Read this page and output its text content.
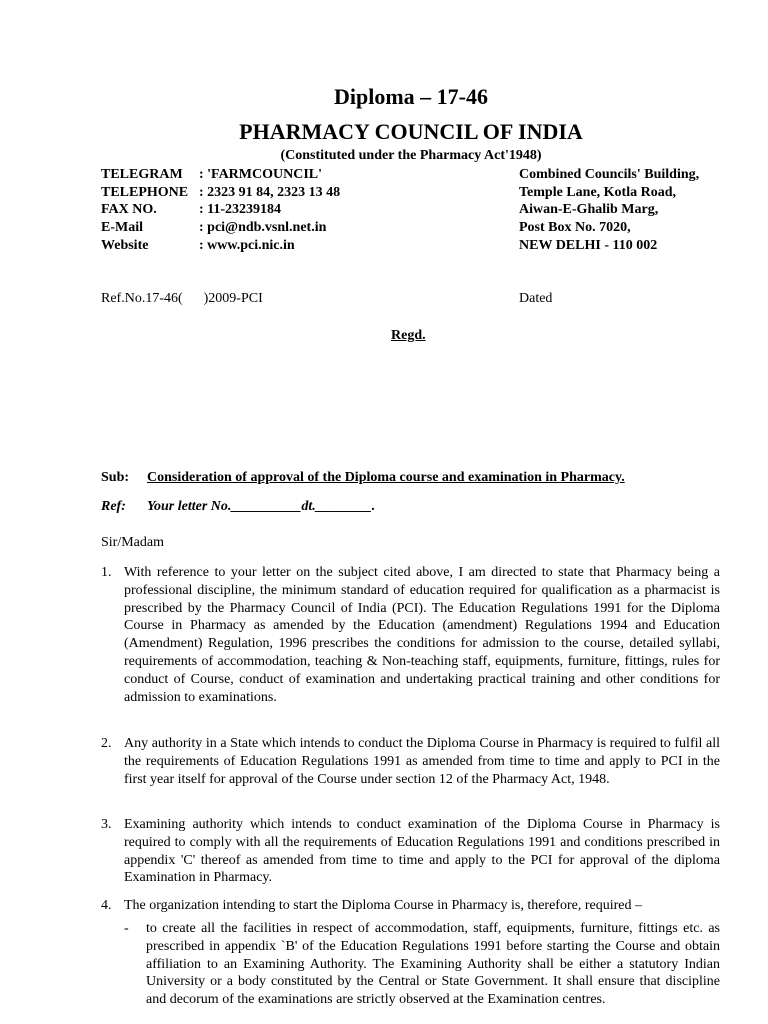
Diploma – 17-46
PHARMACY COUNCIL OF INDIA
(Constituted under the Pharmacy Act'1948)
TELEGRAM	: 'FARMCOUNCIL'
TELEPHONE : 2323 91 84, 2323 13 48
FAX NO.	: 11-23239184
E-Mail	: pci@ndb.vsnl.net.in
Website	: www.pci.nic.in
Combined Councils' Building,
Temple Lane, Kotla Road,
Aiwan-E-Ghalib Marg,
Post Box No. 7020,
NEW DELHI - 110 002
Ref.No.17-46(      )2009-PCI	Dated
Regd.
Sub: Consideration of approval of the Diploma course and examination in Pharmacy.
Ref: Your letter No.__________dt.________.
Sir/Madam
1. With reference to your letter on the subject cited above, I am directed to state that Pharmacy being a professional discipline, the minimum standard of education required for qualification as a pharmacist is prescribed by the Pharmacy Council of India (PCI). The Education Regulations 1991 for the Diploma Course in Pharmacy as amended by the Education (amendment) Regulations 1994 and Education (Amendment) Regulation, 1996 prescribes the conditions for admission to the course, detailed syllabi, requirements of accommodation, teaching & Non-teaching staff, equipments, furniture, fittings, rules for conduct of Course, conduct of examination and undertaking practical training and other conditions for admission to examinations.
2. Any authority in a State which intends to conduct the Diploma Course in Pharmacy is required to fulfil all the requirements of Education Regulations 1991 as amended from time to time and apply to PCI in the first year itself for approval of the Course under section 12 of the Pharmacy Act, 1948.
3. Examining authority which intends to conduct examination of the Diploma Course in Pharmacy is required to comply with all the requirements of Education Regulations 1991 and conditions prescribed in appendix 'C' thereof as amended from time to time and apply to the PCI for approval of the diploma Examination in Pharmacy.
4. The organization intending to start the Diploma Course in Pharmacy is, therefore, required –
- to create all the facilities in respect of accommodation, staff, equipments, furniture, fittings etc. as prescribed in appendix `B' of the Education Regulations 1991 before starting the Course and obtain affiliation to an Examining Authority. The Examining Authority shall be either a statutory Indian University or a body constituted by the Central or State Government. It shall ensure that discipline and decorum of the examinations are strictly observed at the Examination centres.
